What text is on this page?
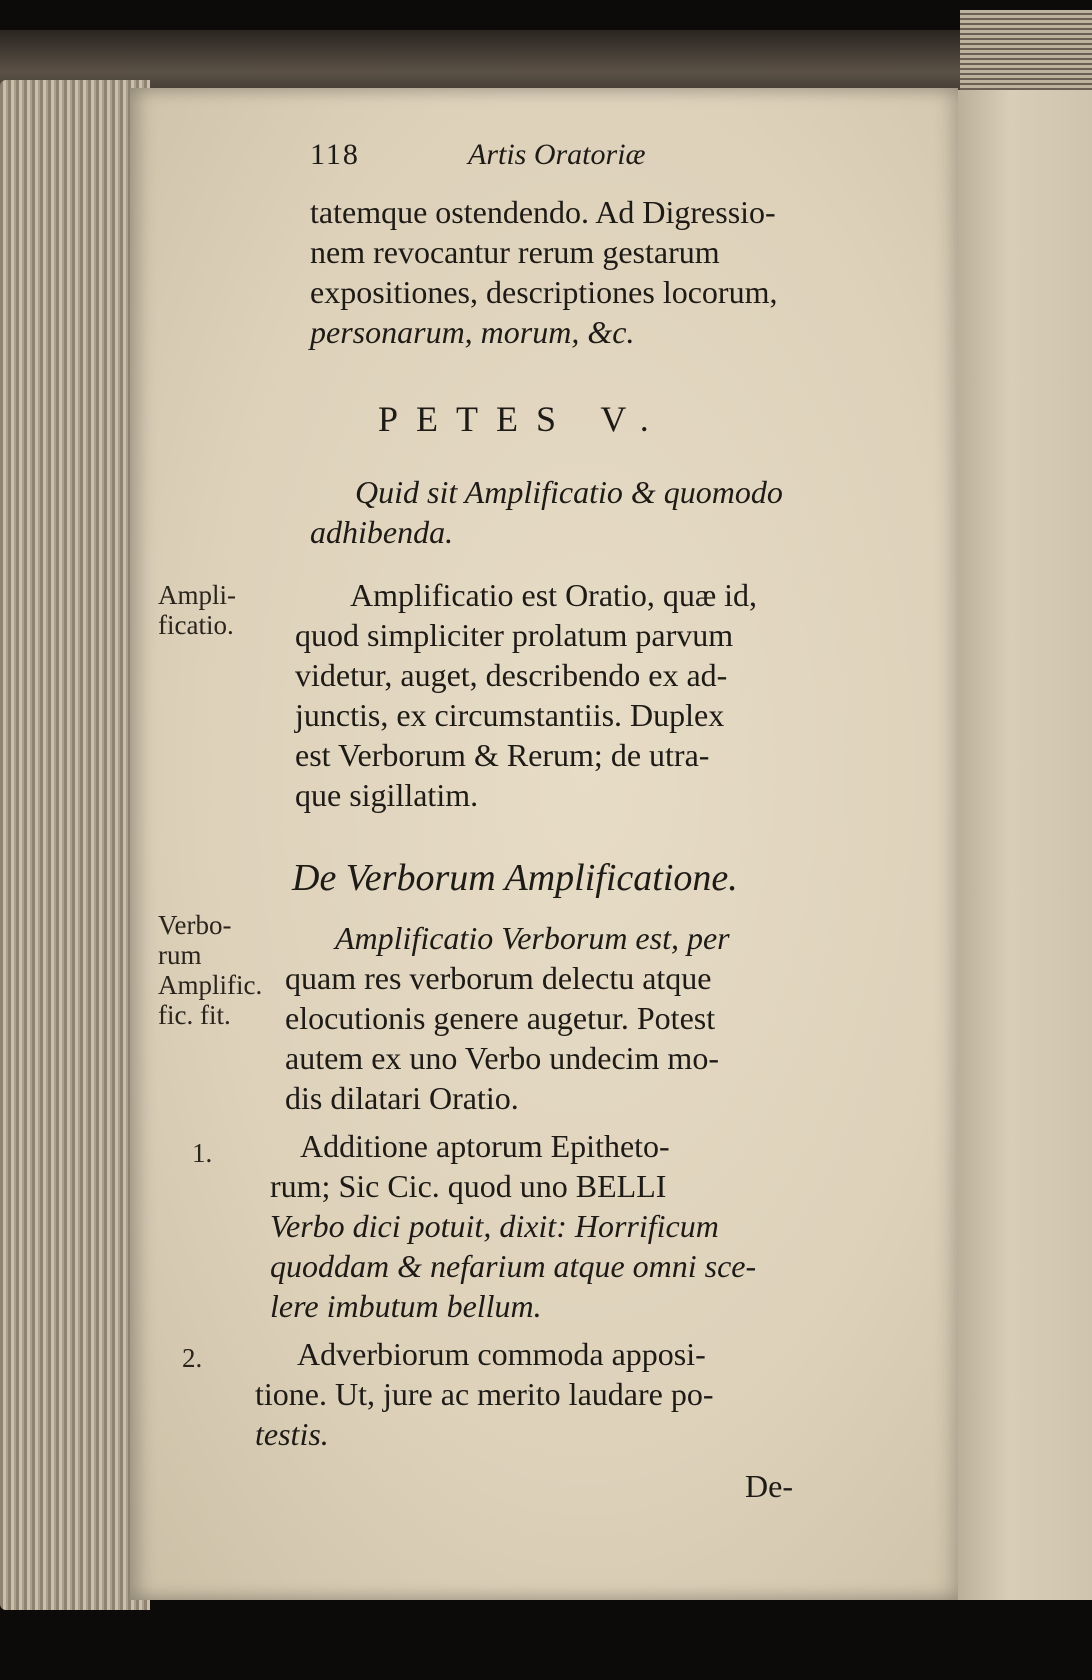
118	Artis Oratoriæ
tatemque ostendendo. Ad Digressio-
nem revocantur rerum gestarum
expositiones, descriptiones locorum,
personarum, morum, &c.
PETES V.
Quid sit Amplificatio & quomodo
adhibenda.
Ampli-
ficatio.
Amplificatio est Oratio, quæ id,
quod simpliciter prolatum parvum
videtur, auget, describendo ex ad-
junctis, ex circumstantiis. Duplex
est Verborum & Rerum; de utra-
que sigillatim.
De Verborum Amplificatione.
Verbo-
rum
Amplific.
fic. fit.
Amplificatio Verborum est, per
quam res verborum delectu atque
elocutionis genere augetur. Potest
autem ex uno Verbo undecim mo-
dis dilatari Oratio.
1.	Additione aptorum Epitheto-
rum; Sic Cic. quod uno BELLI
Verbo dici potuit, dixit: Horrificum
quoddam & nefarium atque omni sce-
lere imbutum bellum.
2.	Adverbiorum commoda apposi-
tione. Ut, jure ac merito laudare po-
testis.
De-
